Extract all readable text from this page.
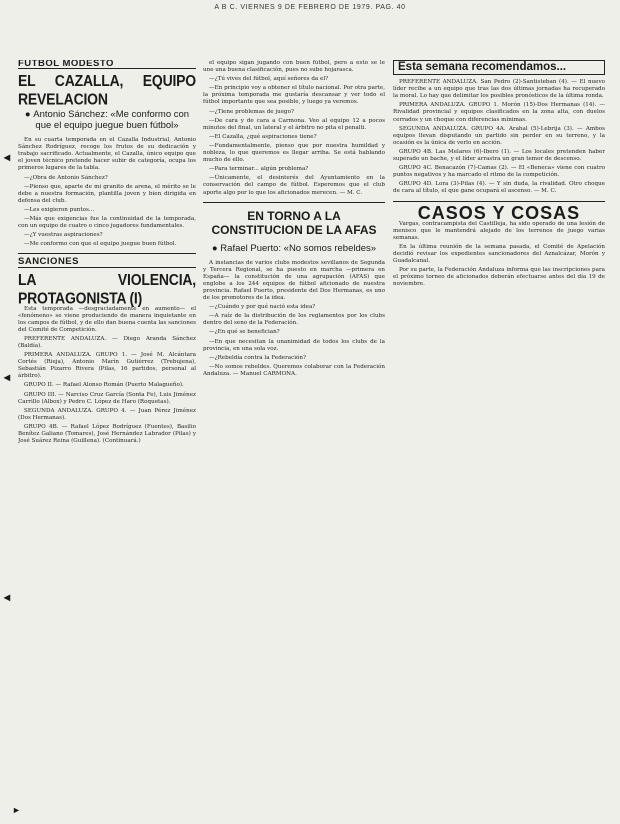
A B C. VIERNES 9 DE FEBRERO DE 1979. PAG. 40
FUTBOL MODESTO
EL CAZALLA, EQUIPO REVELACION
● Antonio Sánchez: «Me conformo con que el equipo juegue buen fútbol»

En su cuarta temporada en el Cazalla Industrial, Antonio Sánchez Rodríguez, recoge los frutos de su dedicación y trabajo sacrificado. Actualmente, el Cazalla, único equipo que el joven técnico pretende hacer subir de categoría, ocupa los primeros lugares de la tabla.

—¿Obra de Antonio Sánchez?

—Pienso que, aparte de mi granito de arena, el mérito se le debe a nuestra formación, plantilla joven y bien dirigida en defensa del club.

—Les exigieron puntos...

—Más que exigencias fue la continuidad de la temporada, con un equipo de cuatro o cinco jugadores fundamentales.

—¿Y vuestras aspiraciones?

—Me conformo con que el equipo juegue buen fútbol.

SANCIONES
LA VIOLENCIA, PROTAGONISTA (I)

Esta temporada —desgraciadamente en aumento— el «fenómeno» se viene produciendo de manera inquietante en los campos de fútbol, y de ello dan buena cuenta las sanciones del Comité de Competición.

PREFERENTE ANDALUZA. — Diego Aranda Sánchez (Baldía).

PRIMERA ANDALUZA. GRUPO 1. — José M. Alcántara Cortés (Rieja), Antonio Marín Gutiérrez (Trebujena), Sebastián Pizarro Rivera (Pilas, 16 partidos, personal al árbitro).

GRUPO II. — Rafael Alonso Román (Puerto Malagueño).

GRUPO III. — Narciso Cruz García (Sonta Fe), Luis Jiménez Carrillo (Albox) y Pedro C. López de Haro (Roquetas).

SEGUNDA ANDALUZA. GRUPO 4. — Juan Pérez Jiménez (Dos Hermanas).

GRUPO 4B. — Rafael López Rodríguez (Fuentes), Basilio Benítez Galiano (Tomares), José Hernández Labrador (Pilas) y José Suárez Reina (Guillena). (Continuará.)

el equipo sigan jugando con buen fútbol, pero a esto se le une una buena clasificación, pues no sube hojarasca.

—¿Tú vives del fútbol, aquí señores da el?

—En principio voy a obtener el título nacional. Por otra parte, la próxima temporada me gustaría descansar y ver todo el fútbol importante que sea posible, y luego ya veremos.

—¿Tiene problemas de juego?

—De cara y de cara a Carmona. Veo al equipo 12 a pocos minutos del final, un lateral y el árbitro no pita el penalti.

—El Cazalla, ¿qué aspiraciones tiene?

—Fundamentalmente, pienso que por nuestra humildad y nobleza, lo que queremos es llegar arriba. Se está hablando mucho de ello.

—Para terminar... algún problema?

—Únicamente, el desinterés del Ayuntamiento en la conservación del campo de fútbol. Esperemos que el club aporte algo por lo que los aficionados merecen. — M. C.

EN TORNO A LA CONSTITUCION DE LA AFAS
● Rafael Puerto: «No somos rebeldes»

A instancias de varios clubs modestos sevillanos de Segunda y Tercera Regional, se ha puesto en marcha —primera en España— la constitución de una agrupación (AFAS) que englobe a los 244 equipos de fútbol aficionado de nuestra provincia. Rafael Puerto, presidente del Dos Hermanas, es uno de los promotores de la idea.

—¿Cuándo y por qué nació esta idea?

—A raíz de la distribución de los reglamentos por los clubs dentro del seno de la Federación.

—¿En qué se benefician?

—En que necesitan la unanimidad de todos los clubs de la provincia, en una sola voz.

—¿Rebeldía contra la Federación?

—No somos rebeldes. Queremos colaborar con la Federación Andaluza. — Manuel CARMONA.

Esta semana recomendamos...

PREFERENTE ANDALUZA. San Pedro (2)-Santisteban (4). — El nuevo líder recibe a un equipo que tras las dos últimas jornadas ha recuperado la moral. Lo hay que delimitar los posibles pronósticos de la última ronda.

PRIMERA ANDALUZA. GRUPO 1. Morón (15)-Dos Hermanas (14). — Rivalidad provincial y equipos clasificados en la zona alta, con duelos cerrados y un choque con diferencias mínimas.

SEGUNDA ANDALUZA. GRUPO 4A. Arahal (5)-Lebrija (3). — Ambos equipos llevan disputando un partido sin perder en su terreno, y la ocasión es la única de verlo en acción.

GRUPO 4B. Las Melares (6)-Ibero (1). — Los locales pretenden haber superado un bache, y el líder arrastra un gran temor de descenso.

GRUPO 4C. Benacazón (7)-Camas (2). — El «Beneca» viene con cuatro puntos negativos y ha marcado el ritmo de la competición.

GRUPO 4D. Lora (3)-Pilas (4). — Y sin duda, la rivalidad. Otro choque de cara al título, el que gane ocupará el ascenso. — M. C.

CASOS Y COSAS

Vargas, contracampista del Castilleja, ha sido operado de una lesión de menisco que le mantendrá alejado de los terrenos de juego varias semanas.

En la última reunión de la semana pasada, el Comité de Apelación decidió revisar los expedientes sancionadores del Aznalcázar, Morón y Guadalcanal.

Por su parte, la Federación Andaluza informa que las inscripciones para el próximo torneo de aficionados deberán efectuarse antes del día 19 de noviembre.

◂
◂
◂
►
